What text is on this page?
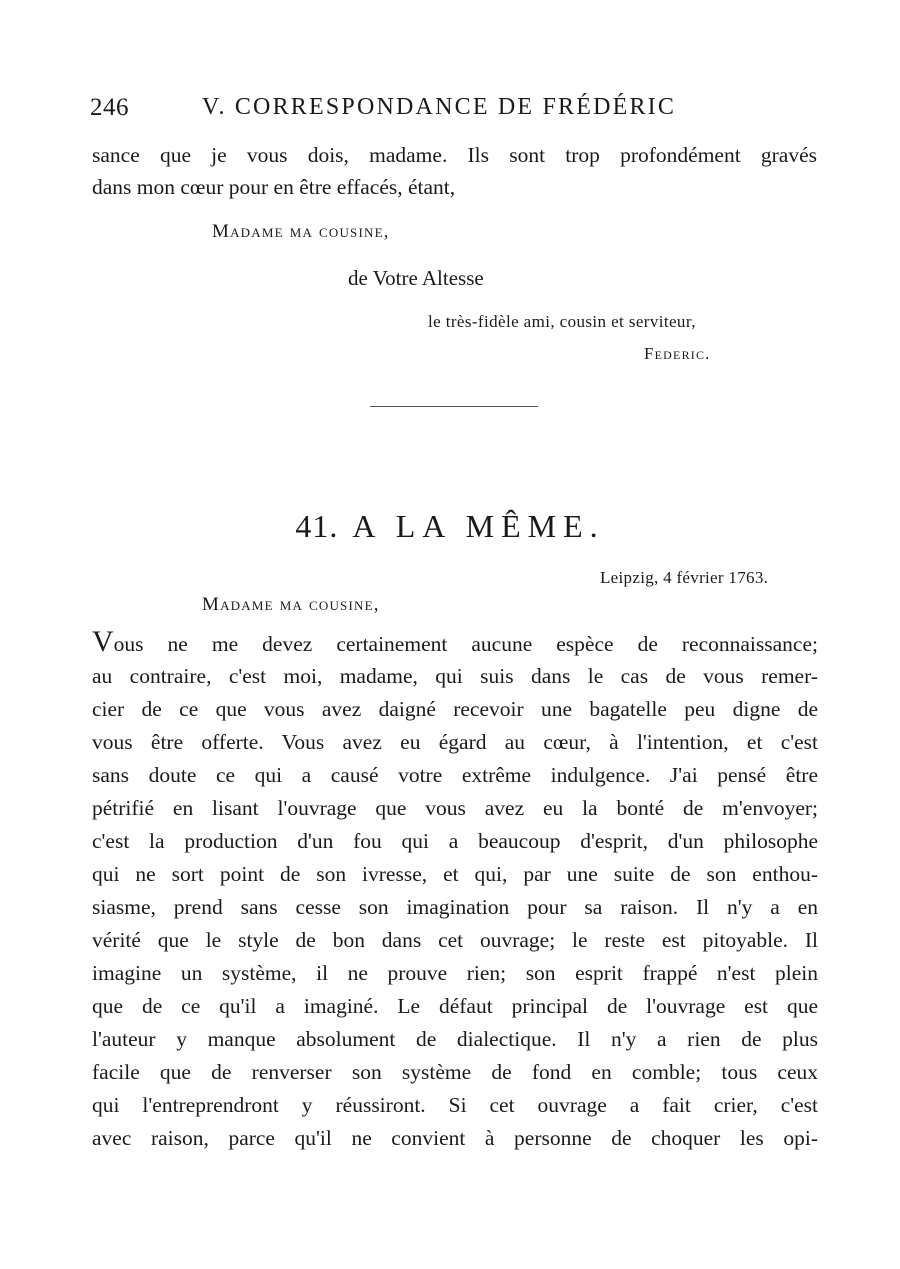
246	V. CORRESPONDANCE DE FRÉDÉRIC
sance que je vous dois, madame. Ils sont trop profondément gravés
dans mon cœur pour en être effacés, étant,
Madame ma cousine,
de Votre Altesse
le très-fidèle ami, cousin et serviteur,
Federic.
41. A LA MÊME.
Leipzig, 4 février 1763.
Madame ma cousine,
Vous ne me devez certainement aucune espèce de reconnaissance;
au contraire, c'est moi, madame, qui suis dans le cas de vous remer-
cier de ce que vous avez daigné recevoir une bagatelle peu digne de
vous être offerte. Vous avez eu égard au cœur, à l'intention, et c'est
sans doute ce qui a causé votre extrême indulgence. J'ai pensé être
pétrifié en lisant l'ouvrage que vous avez eu la bonté de m'envoyer;
c'est la production d'un fou qui a beaucoup d'esprit, d'un philosophe
qui ne sort point de son ivresse, et qui, par une suite de son enthou-
siasme, prend sans cesse son imagination pour sa raison. Il n'y a en
vérité que le style de bon dans cet ouvrage; le reste est pitoyable. Il
imagine un système, il ne prouve rien; son esprit frappé n'est plein
que de ce qu'il a imaginé. Le défaut principal de l'ouvrage est que
l'auteur y manque absolument de dialectique. Il n'y a rien de plus
facile que de renverser son système de fond en comble; tous ceux
qui l'entreprendront y réussiront. Si cet ouvrage a fait crier, c'est
avec raison, parce qu'il ne convient à personne de choquer les opi-
